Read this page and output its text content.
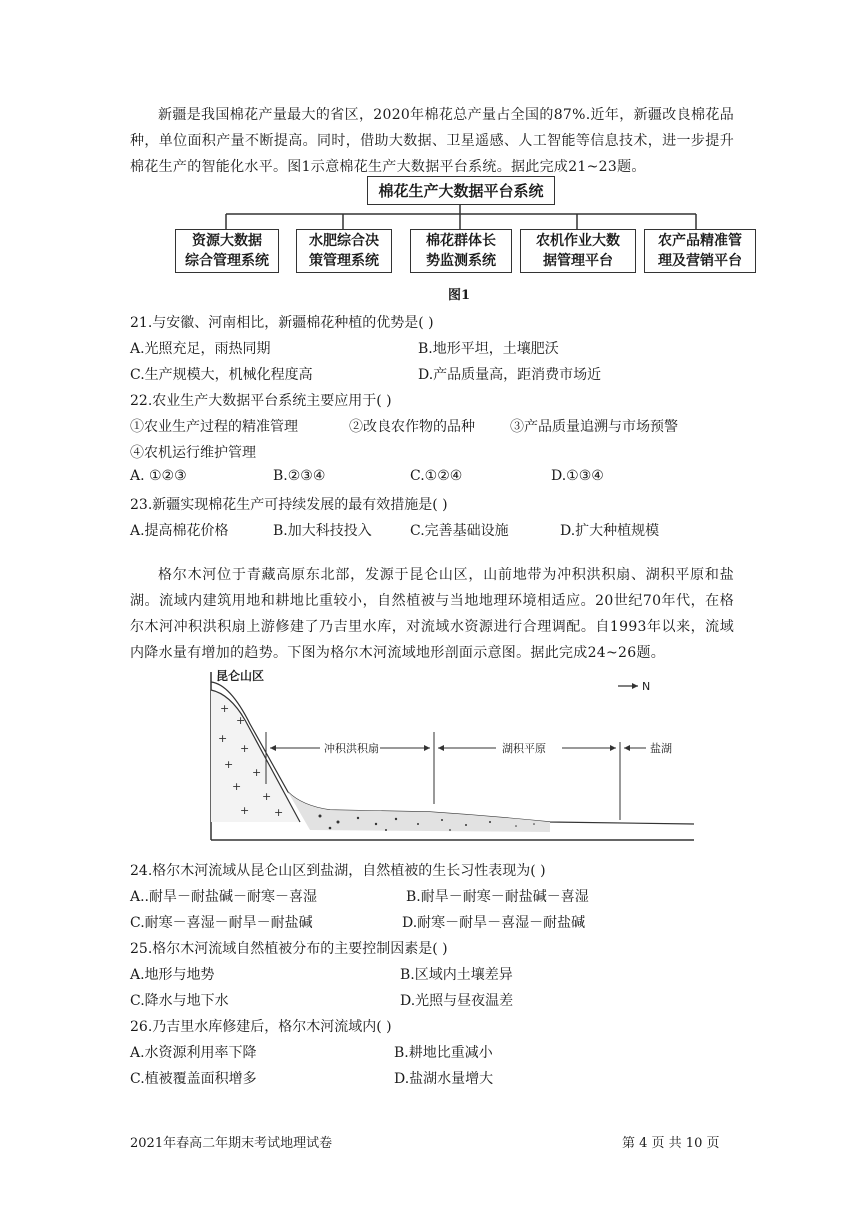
新疆是我国棉花产量最大的省区，2020年棉花总产量占全国的87%.近年，新疆改良棉花品种，单位面积产量不断提高。同时，借助大数据、卫星遥感、人工智能等信息技术，进一步提升棉花生产的智能化水平。图1示意棉花生产大数据平台系统。据此完成21~23题。
棉花生产大数据平台系统
资源大数据
综合管理系统
水肥综合决
策管理系统
棉花群体长
势监测系统
农机作业大数
据管理平台
农产品精准管
理及营销平台
图1
21.与安徽、河南相比，新疆棉花种植的优势是( )
A.光照充足，雨热同期	B.地形平坦，土壤肥沃
C.生产规模大，机械化程度高	D.产品质量高，距消费市场近
22.农业生产大数据平台系统主要应用于( )
①农业生产过程的精准管理	②改良农作物的品种	③产品质量追溯与市场预警
④农机运行维护管理
A. ①②③	B.②③④	C.①②④	D.①③④
23.新疆实现棉花生产可持续发展的最有效措施是( )
A.提高棉花价格	B.加大科技投入	C.完善基础设施	D.扩大种植规模
格尔木河位于青藏高原东北部，发源于昆仑山区，山前地带为冲积洪积扇、湖积平原和盐湖。流域内建筑用地和耕地比重较小，自然植被与当地地理环境相适应。20世纪70年代，在格尔木河冲积洪积扇上游修建了乃吉里水库，对流域水资源进行合理调配。自1993年以来，流域内降水量有增加的趋势。下图为格尔木河流域地形剖面示意图。据此完成24~26题。
+
+
+
+
+
+
+
+
+ +
昆仑山区
N
冲积洪积扇	湖积平原	盐湖
24.格尔木河流域从昆仑山区到盐湖，自然植被的生长习性表现为( )
A..耐旱－耐盐碱－耐寒－喜湿	B.耐旱－耐寒－耐盐碱－喜湿
C.耐寒－喜湿－耐旱－耐盐碱	D.耐寒－耐旱－喜湿－耐盐碱
25.格尔木河流域自然植被分布的主要控制因素是( )
A.地形与地势	B.区域内土壤差异
C.降水与地下水	D.光照与昼夜温差
26.乃吉里水库修建后，格尔木河流域内( )
A.水资源利用率下降	B.耕地比重减小
C.植被覆盖面积增多	D.盐湖水量增大
2021年春高二年期末考试地理试卷	第 4 页 共 10 页
